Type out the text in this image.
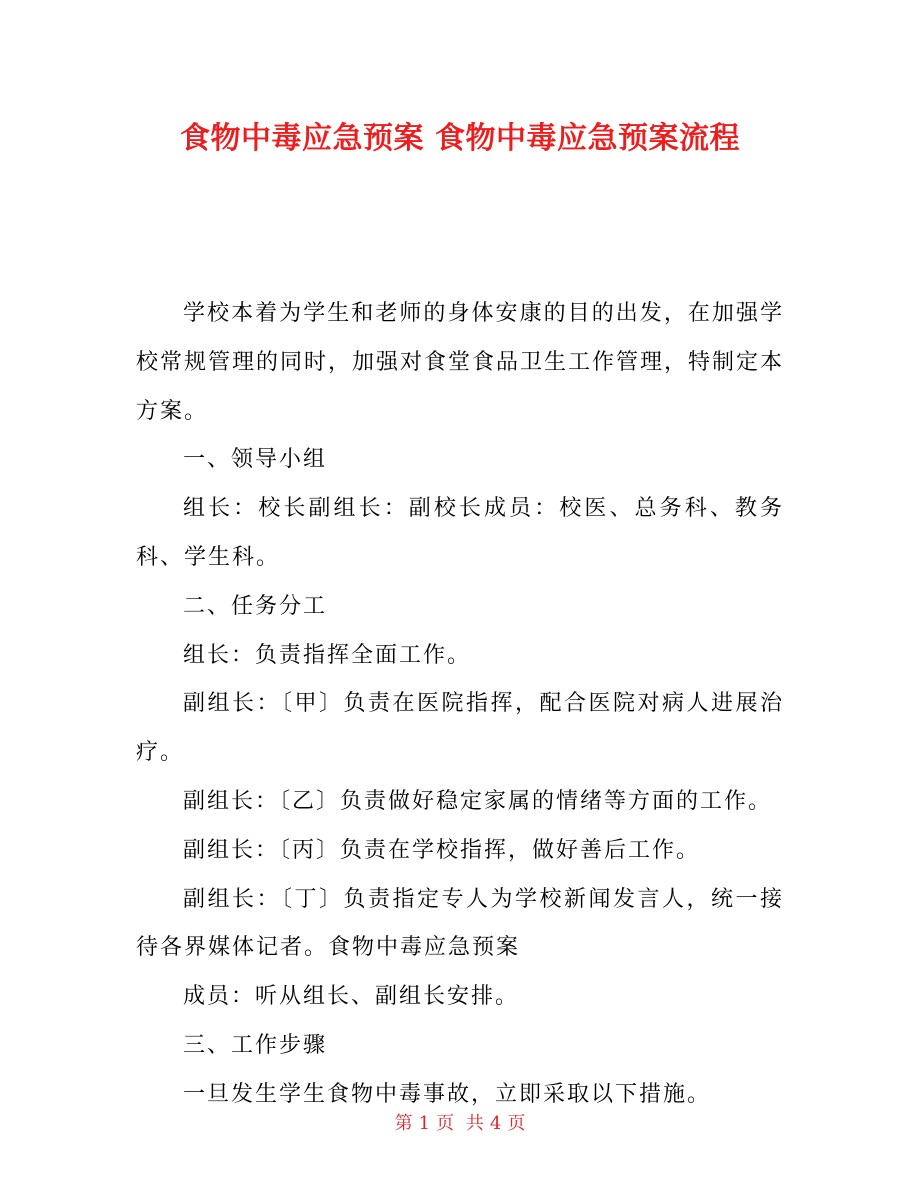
食物中毒应急预案 食物中毒应急预案流程

学校本着为学生和老师的身体安康的目的出发，在加强学校常规管理的同时，加强对食堂食品卫生工作管理，特制定本方案。

一、领导小组

组长：校长副组长：副校长成员：校医、总务科、教务科、学生科。

二、任务分工

组长：负责指挥全面工作。

副组长：〔甲〕负责在医院指挥，配合医院对病人进展治疗。

副组长：〔乙〕负责做好稳定家属的情绪等方面的工作。

副组长：〔丙〕负责在学校指挥，做好善后工作。

副组长：〔丁〕负责指定专人为学校新闻发言人，统一接待各界媒体记者。食物中毒应急预案

成员：听从组长、副组长安排。

三、工作步骤

一旦发生学生食物中毒事故，立即采取以下措施。

第 1 页 共 4 页
